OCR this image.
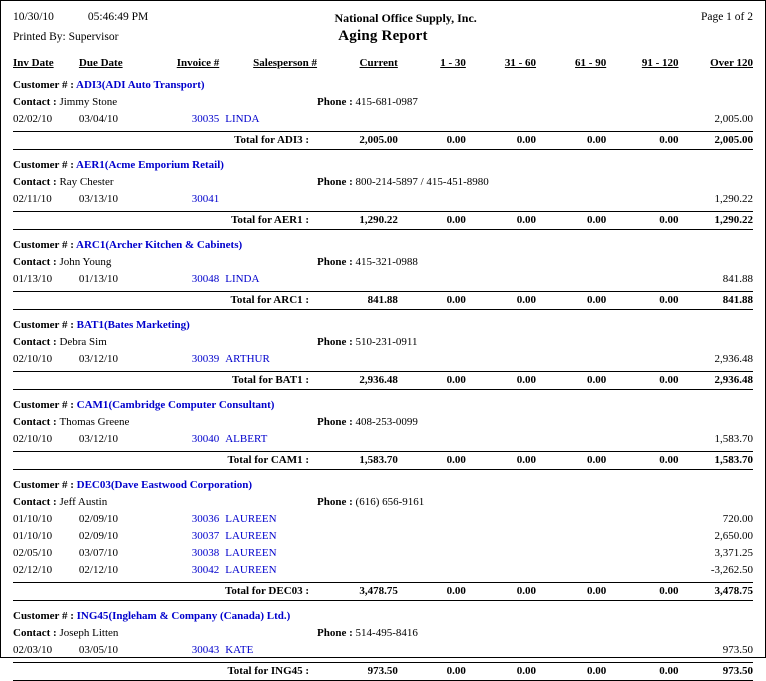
10/30/10	05:46:49 PM	National Office Supply, Inc.	Page 1 of 2
Aging Report
Printed By: Supervisor
Inv Date	Due Date	Invoice #	Salesperson #	Current	1 - 30	31 - 60	61 - 90	91 - 120	Over 120
Customer # : ADI3(ADI Auto Transport)									
Contact : Jimmy Stone				Phone : 415-681-0987					
02/02/10	03/04/10	30035	LINDA						2,005.00

Total for ADI3 :				2,005.00	0.00	0.00	0.00	0.00	2,005.00

Customer # : AER1(Acme Emporium Retail)									
Contact : Ray Chester				Phone : 800-214-5897 / 415-451-8980					
02/11/10	03/13/10	30041							1,290.22

Total for AER1 :				1,290.22	0.00	0.00	0.00	0.00	1,290.22

Customer # : ARC1(Archer Kitchen & Cabinets)									
Contact : John Young				Phone : 415-321-0988					
01/13/10	01/13/10	30048	LINDA						841.88

Total for ARC1 :				841.88	0.00	0.00	0.00	0.00	841.88

Customer # : BAT1(Bates Marketing)									
Contact : Debra Sim				Phone : 510-231-0911					
02/10/10	03/12/10	30039	ARTHUR						2,936.48

Total for BAT1 :				2,936.48	0.00	0.00	0.00	0.00	2,936.48

Customer # : CAM1(Cambridge Computer Consultant)									
Contact : Thomas Greene				Phone : 408-253-0099					
02/10/10	03/12/10	30040	ALBERT						1,583.70

Total for CAM1 :				1,583.70	0.00	0.00	0.00	0.00	1,583.70

Customer # : DEC03(Dave Eastwood Corporation)									
Contact : Jeff Austin				Phone : (616) 656-9161					
01/10/10	02/09/10	30036	LAUREEN						720.00
01/10/10	02/09/10	30037	LAUREEN						2,650.00
02/05/10	03/07/10	30038	LAUREEN						3,371.25
02/12/10	02/12/10	30042	LAUREEN						-3,262.50

Total for DEC03 :				3,478.75	0.00	0.00	0.00	0.00	3,478.75

Customer # : ING45(Ingleham & Company (Canada) Ltd.)									
Contact : Joseph Litten				Phone : 514-495-8416					
02/03/10	03/05/10	30043	KATE						973.50

Total for ING45 :				973.50	0.00	0.00	0.00	0.00	973.50
